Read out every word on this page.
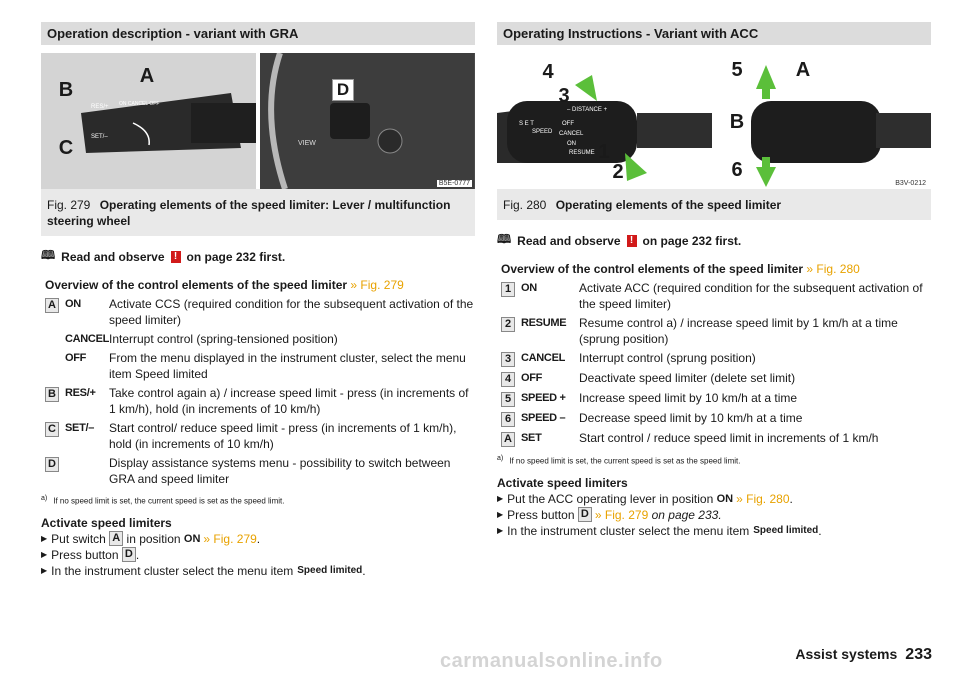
Operation description - variant with GRA
RES/+ ON CANCEL OFF
SET/–
A
B
C	VIEW
D
B5E-0777
Fig. 279 Operating elements of the speed limiter: Lever / multifunction steering wheel
🕮 Read and observe ! on page 232 first.
Overview of the control elements of the speed limiter » Fig. 279
A ON	Activate CCS (required condition for the subsequent activation of the speed limiter)
CANCEL Interrupt control (spring-tensioned position)
OFF	From the menu displayed in the instrument cluster, select the menu item Speed limited
B RES/+	Take control again a) / increase speed limit - press (in increments of 1 km/h), hold (in increments of 10 km/h)
C SET/–	Start control/ reduce speed limit - press (in increments of 1 km/h), hold (in increments of 10 km/h)
D	Display assistance systems menu - possibility to switch between GRA and speed limiter
$^{a)}$ If no speed limit is set, the current speed is set as the speed limit.
Activate speed limiters
▶ Put switch
A
in position
ON » Fig. 279 .
▶ Press button
D .
▶ In the instrument cluster select the menu item Speed limited .
Operating Instructions - Variant with ACC
– DISTANCE +
S E T
SPEED
OFF
CANCEL
ON
RESUME
4
3
1
2
5	A
B
6
B3V-0212
Fig. 280 Operating elements of the speed limiter
🕮 Read and observe ! on page 232 first.
Overview of the control elements of the speed limiter » Fig. 280
1 ON	Activate ACC (required condition for the subsequent activation of the speed limiter)
2 RESUME	Resume control a) / increase speed limit by 1 km/h at a time (sprung position)
3 CANCEL	Interrupt control (sprung position)
4 OFF	Deactivate speed limiter (delete set limit)
5 SPEED +	Increase speed limit by 10 km/h at a time
6 SPEED –	Decrease speed limit by 10 km/h at a time
A SET	Start control / reduce speed limit in increments of 1 km/h
$^{a)}$ If no speed limit is set, the current speed is set as the speed limit.
Activate speed limiters
▶ Put the ACC operating lever in position
ON » Fig. 280 .
▶ Press button
D » Fig. 279
on page 233.
▶ In the instrument cluster select the menu item Speed limited .
carmanualsonline.info	Assist systems 233
